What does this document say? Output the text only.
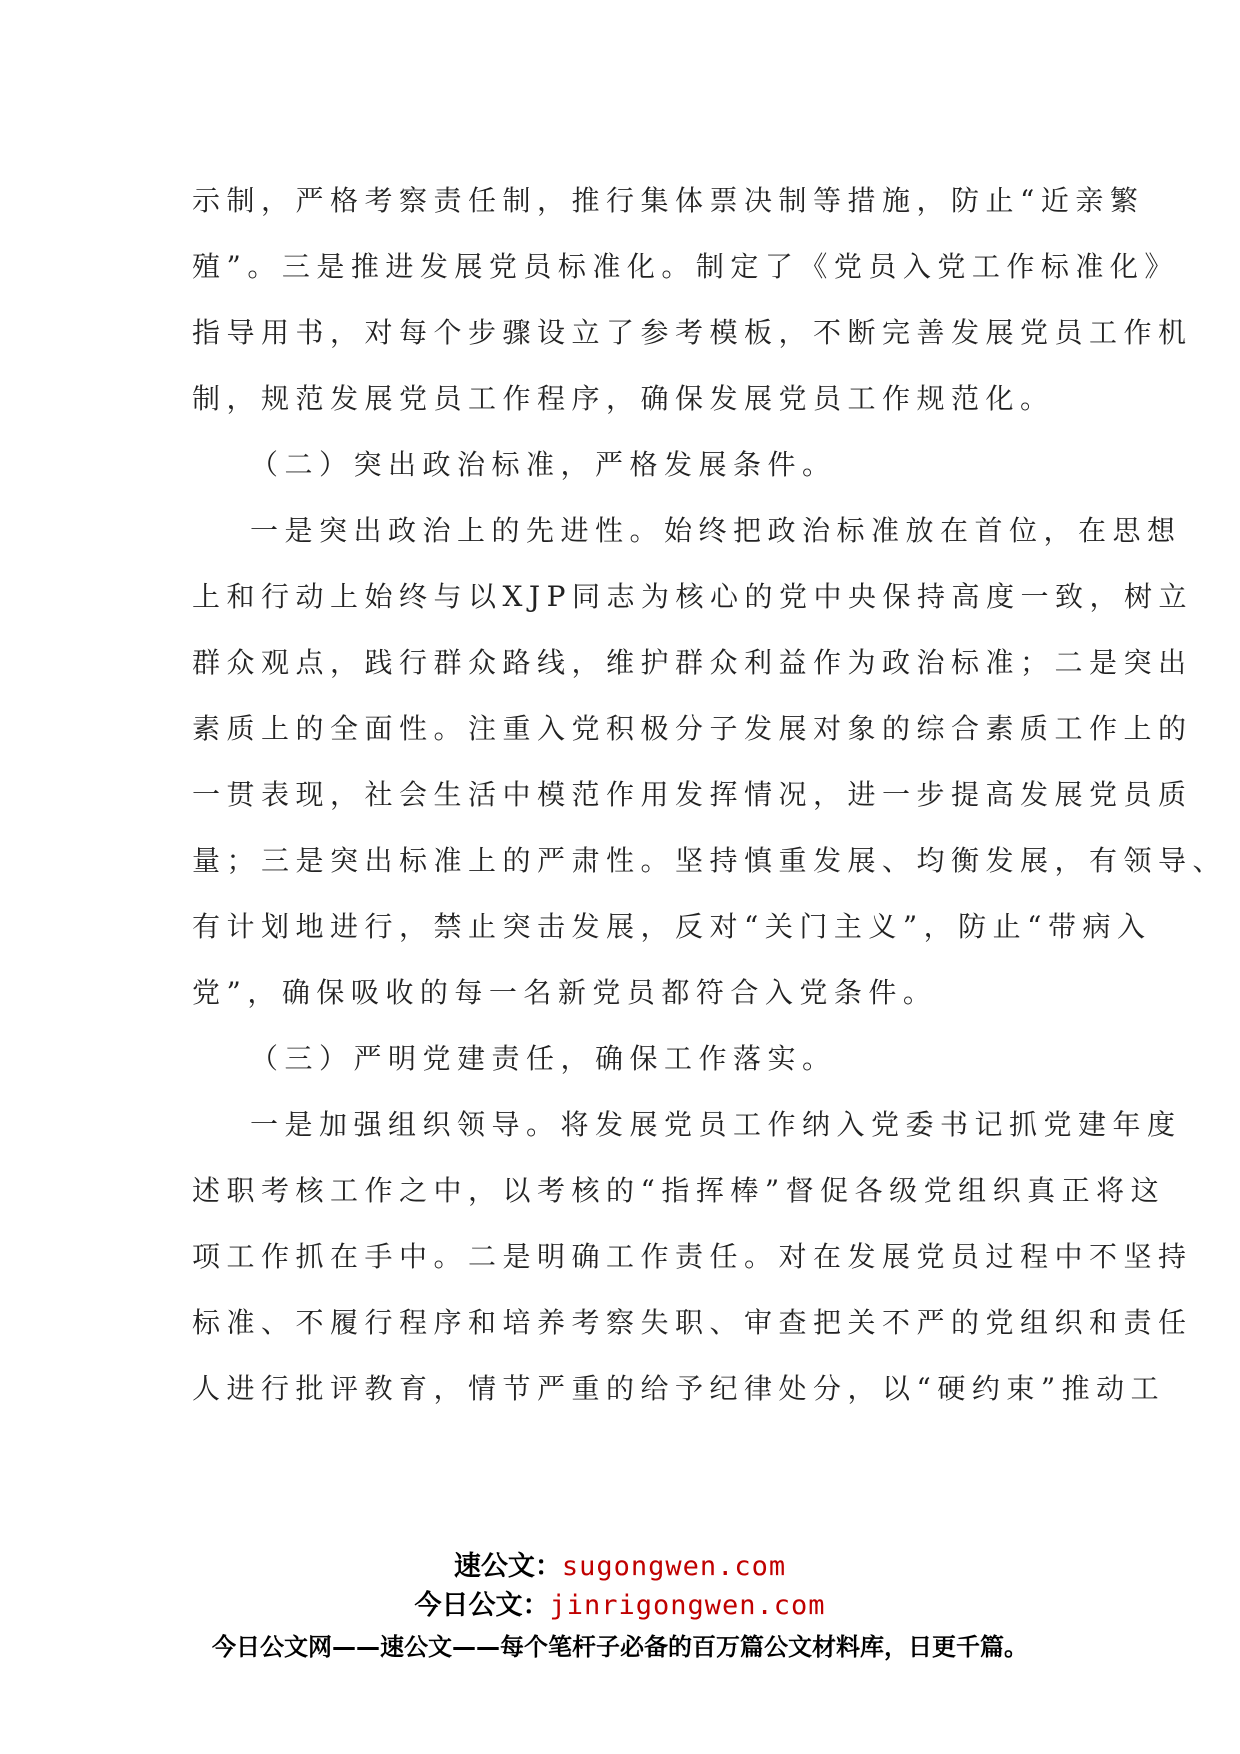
示制，严格考察责任制，推行集体票决制等措施，防止“近亲繁
殖”。三是推进发展党员标准化。制定了《党员入党工作标准化》
指导用书，对每个步骤设立了参考模板，不断完善发展党员工作机
制，规范发展党员工作程序，确保发展党员工作规范化。
（二）突出政治标准，严格发展条件。
一是突出政治上的先进性。始终把政治标准放在首位，在思想
上和行动上始终与以XJP同志为核心的党中央保持高度一致，树立
群众观点，践行群众路线，维护群众利益作为政治标准；二是突出
素质上的全面性。注重入党积极分子发展对象的综合素质工作上的
一贯表现，社会生活中模范作用发挥情况，进一步提高发展党员质
量；三是突出标准上的严肃性。坚持慎重发展、均衡发展，有领导、
有计划地进行，禁止突击发展，反对“关门主义”，防止“带病入
党”，确保吸收的每一名新党员都符合入党条件。
（三）严明党建责任，确保工作落实。
一是加强组织领导。将发展党员工作纳入党委书记抓党建年度
述职考核工作之中，以考核的“指挥棒”督促各级党组织真正将这
项工作抓在手中。二是明确工作责任。对在发展党员过程中不坚持
标准、不履行程序和培养考察失职、审查把关不严的党组织和责任
人进行批评教育，情节严重的给予纪律处分，以“硬约束”推动工
速公文：sugongwen.com
今日公文：jinrigongwen.com
今日公文网——速公文——每个笔杆子必备的百万篇公文材料库，日更千篇。
